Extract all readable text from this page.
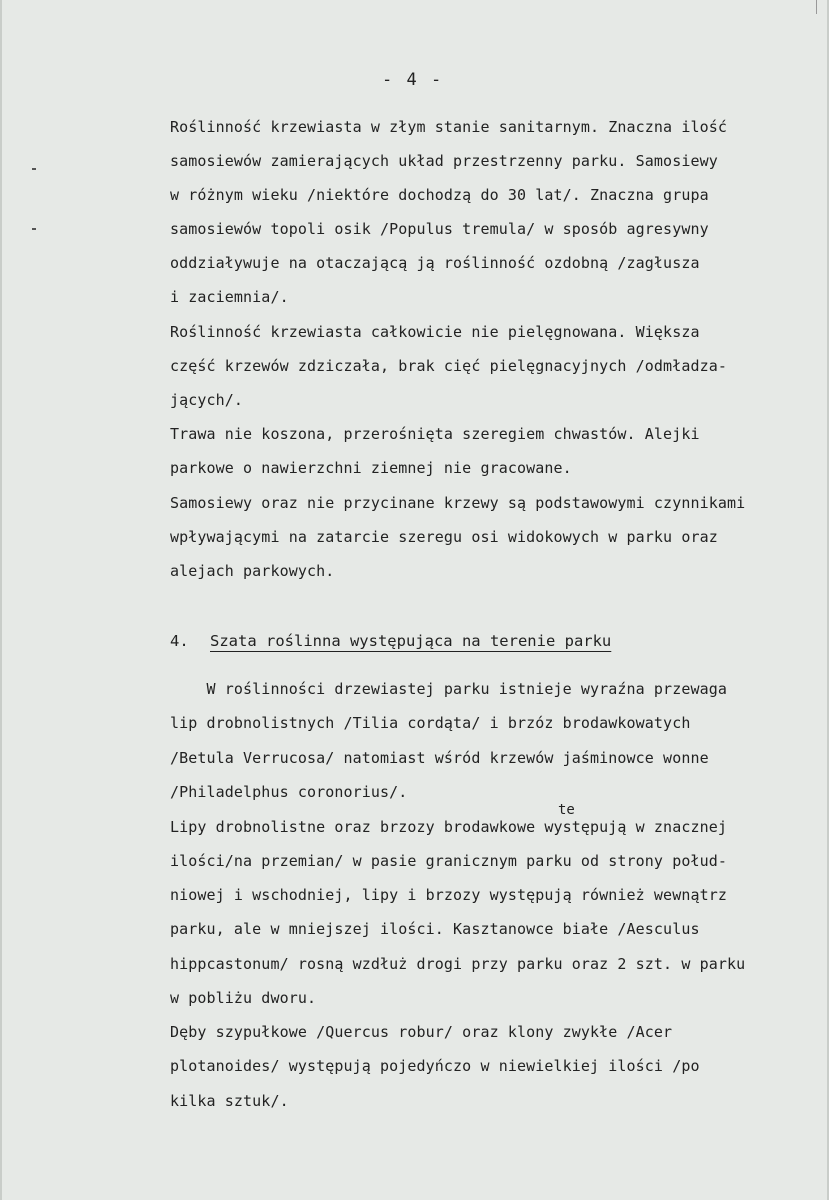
- 4 -
Roślinność krzewiasta w złym stanie sanitarnym. Znaczna ilość
samosiewów zamierających układ przestrzenny parku. Samosiewy
w różnym wieku /niektóre dochodzą do 30 lat/. Znaczna grupa
samosiewów topoli osik /Populus tremula/ w sposób agresywny
oddziaływuje na otaczającą ją roślinność ozdobną /zagłusza
i zaciemnia/.
Roślinność krzewiasta całkowicie nie pielęgnowana. Większa
część krzewów zdziczała, brak cięć pielęgnacyjnych /odmładza-
jących/.
Trawa nie koszona, przerośnięta szeregiem chwastów. Alejki
parkowe o nawierzchni ziemnej nie gracowane.
Samosiewy oraz nie przycinane krzewy są podstawowymi czynnikami
wpływającymi na zatarcie szeregu osi widokowych w parku oraz
alejach parkowych.
4. Szata roślinna występująca na terenie parku
W roślinności drzewiastej parku istnieje wyraźna przewaga
lip drobnolistnych /Tilia cordąta/ i brzóz brodawkowatych
/Betula Verrucosa/ natomiast wśród krzewów jaśminowce wonne
/Philadelphus coronorius/.
te
Lipy drobnolistne oraz brzozy brodawkowe występują w znacznej
ilości/na przemian/ w pasie granicznym parku od strony połud-
niowej i wschodniej, lipy i brzozy występują również wewnątrz
parku, ale w mniejszej ilości. Kasztanowce białe /Aesculus
hippcastonum/ rosną wzdłuż drogi przy parku oraz 2 szt. w parku
w pobliżu dworu.
Dęby szypułkowe /Quercus robur/ oraz klony zwykłe /Acer
plotanoides/ występują pojedyńczo w niewielkiej ilości /po
kilka sztuk/.
